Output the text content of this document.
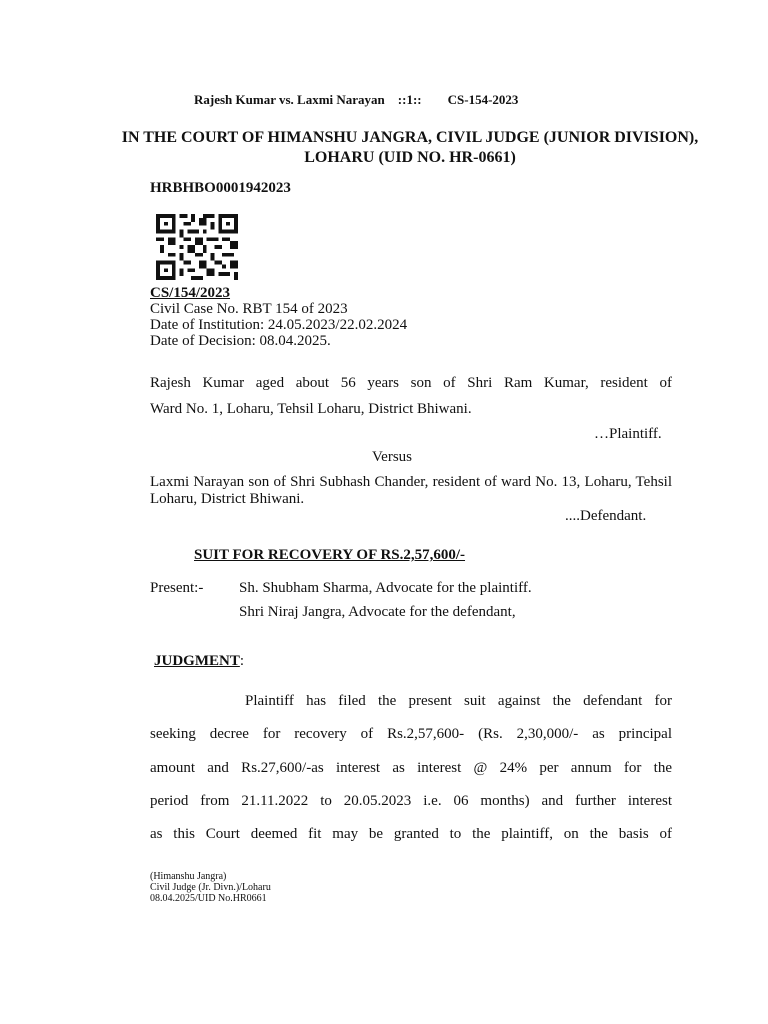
Rajesh Kumar vs. Laxmi Narayan ::1:: CS-154-2023
IN THE COURT OF HIMANSHU JANGRA, CIVIL JUDGE (JUNIOR DIVISION), LOHARU (UID NO. HR-0661)
HRBHBO0001942023
CS/154/2023
Civil Case No. RBT 154 of 2023
Date of Institution: 24.05.2023/22.02.2024
Date of Decision: 08.04.2025.
Rajesh Kumar aged about 56 years son of Shri Ram Kumar, resident of
Ward No. 1, Loharu, Tehsil Loharu, District Bhiwani.
…Plaintiff.
Versus
Laxmi Narayan son of Shri Subhash Chander, resident of ward No. 13, Loharu, Tehsil Loharu, District Bhiwani.
....Defendant.
SUIT FOR RECOVERY OF RS.2,57,600/-
Present:- Sh. Shubham Sharma, Advocate for the plaintiff.
Shri Niraj Jangra, Advocate for the defendant,
JUDGMENT:
Plaintiff has filed the present suit against the defendant for
seeking decree for recovery of Rs.2,57,600- (Rs. 2,30,000/- as principal
amount and Rs.27,600/-as interest as interest @ 24% per annum for the
period from 21.11.2022 to 20.05.2023 i.e. 06 months) and further interest
as this Court deemed fit may be granted to the plaintiff, on the basis of
(Himanshu Jangra)
Civil Judge (Jr. Divn.)/Loharu
08.04.2025/UID No.HR0661
